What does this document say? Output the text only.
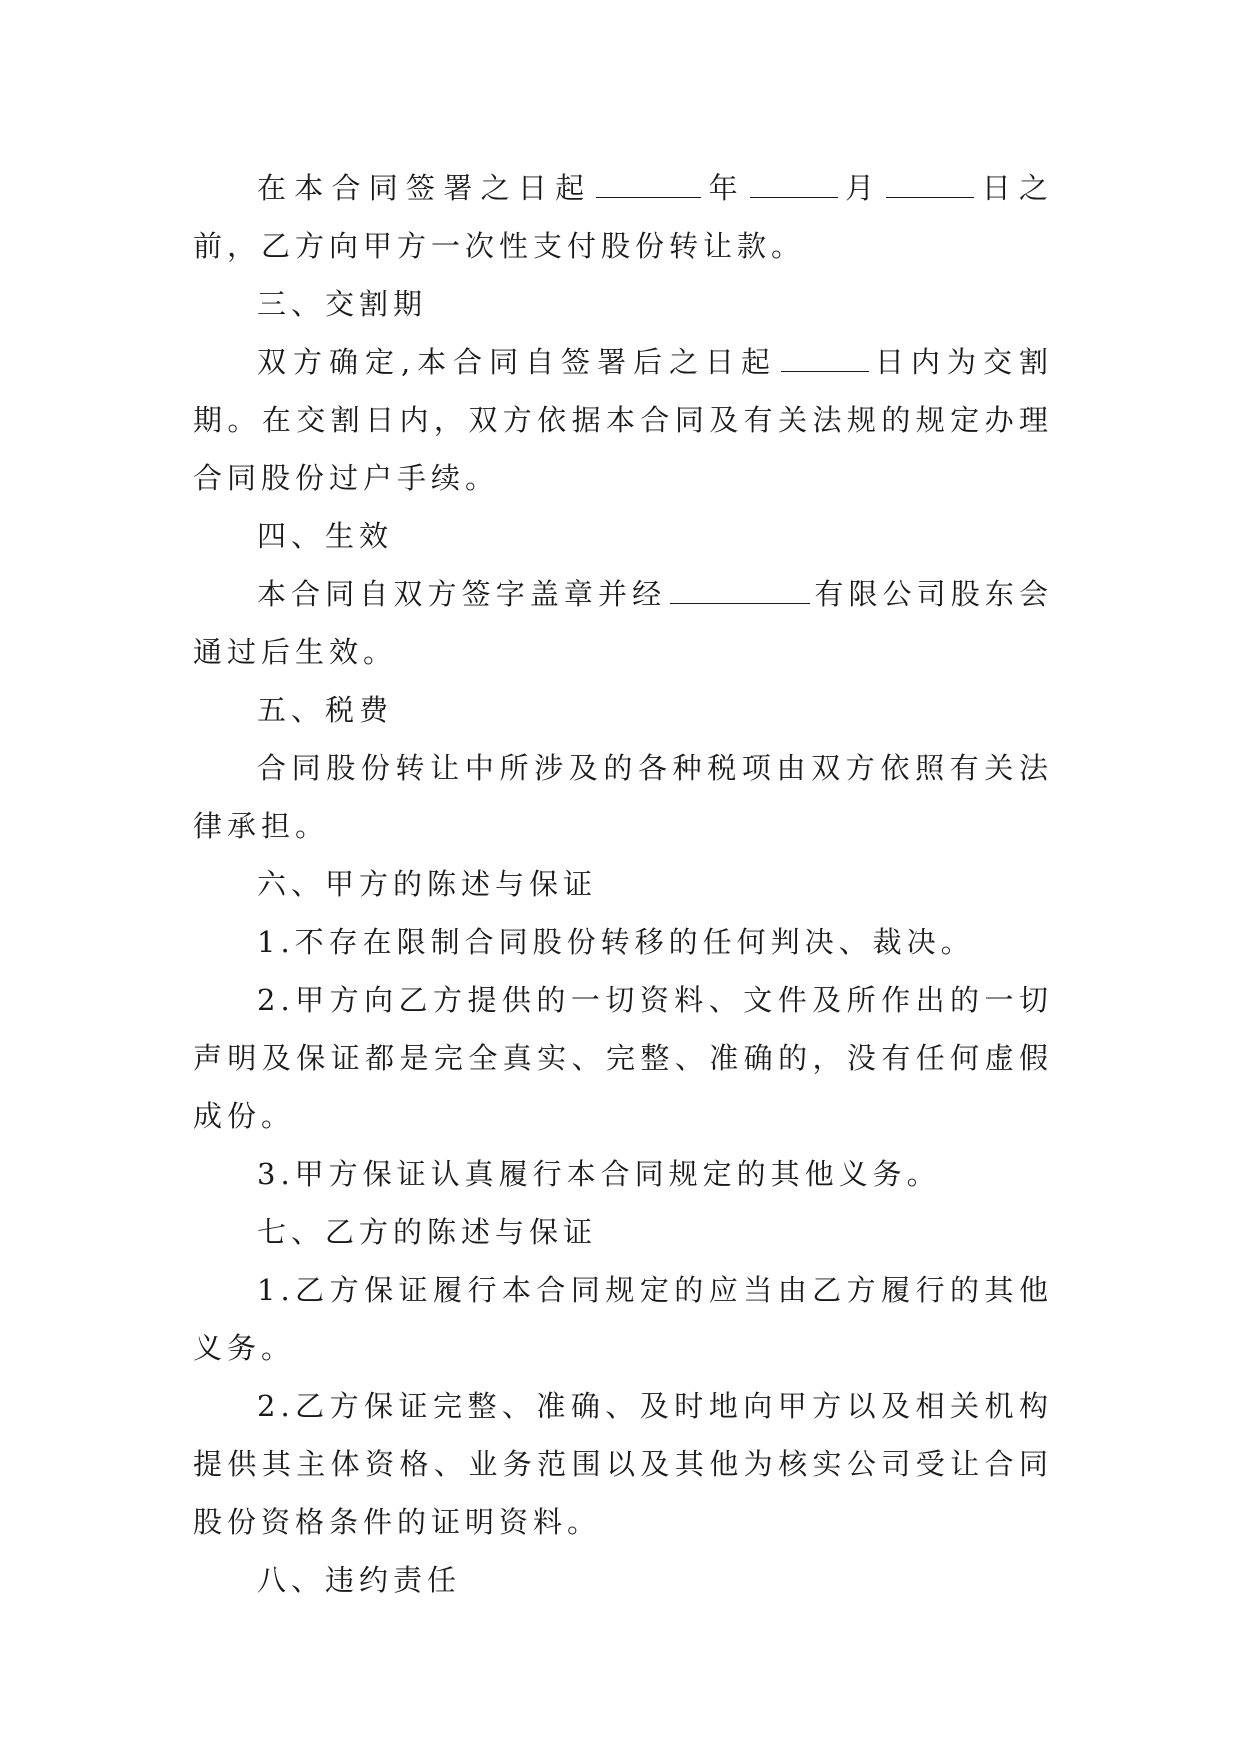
在本合同签署之日起	年	月	日之前，乙方向甲方一次性支付股份转让款。

三、交割期

双方确定,本合同自签署后之日起	日内为交割期。在交割日内，双方依据本合同及有关法规的规定办理合同股份过户手续。

四、生效

本合同自双方签字盖章并经	有限公司股东会通过后生效。

五、税费

合同股份转让中所涉及的各种税项由双方依照有关法律承担。

六、甲方的陈述与保证

1.不存在限制合同股份转移的任何判决、裁决。

2.甲方向乙方提供的一切资料、文件及所作出的一切声明及保证都是完全真实、完整、准确的，没有任何虚假成份。

3.甲方保证认真履行本合同规定的其他义务。

七、乙方的陈述与保证

1.乙方保证履行本合同规定的应当由乙方履行的其他义务。

2.乙方保证完整、准确、及时地向甲方以及相关机构提供其主体资格、业务范围以及其他为核实公司受让合同股份资格条件的证明资料。

八、违约责任
